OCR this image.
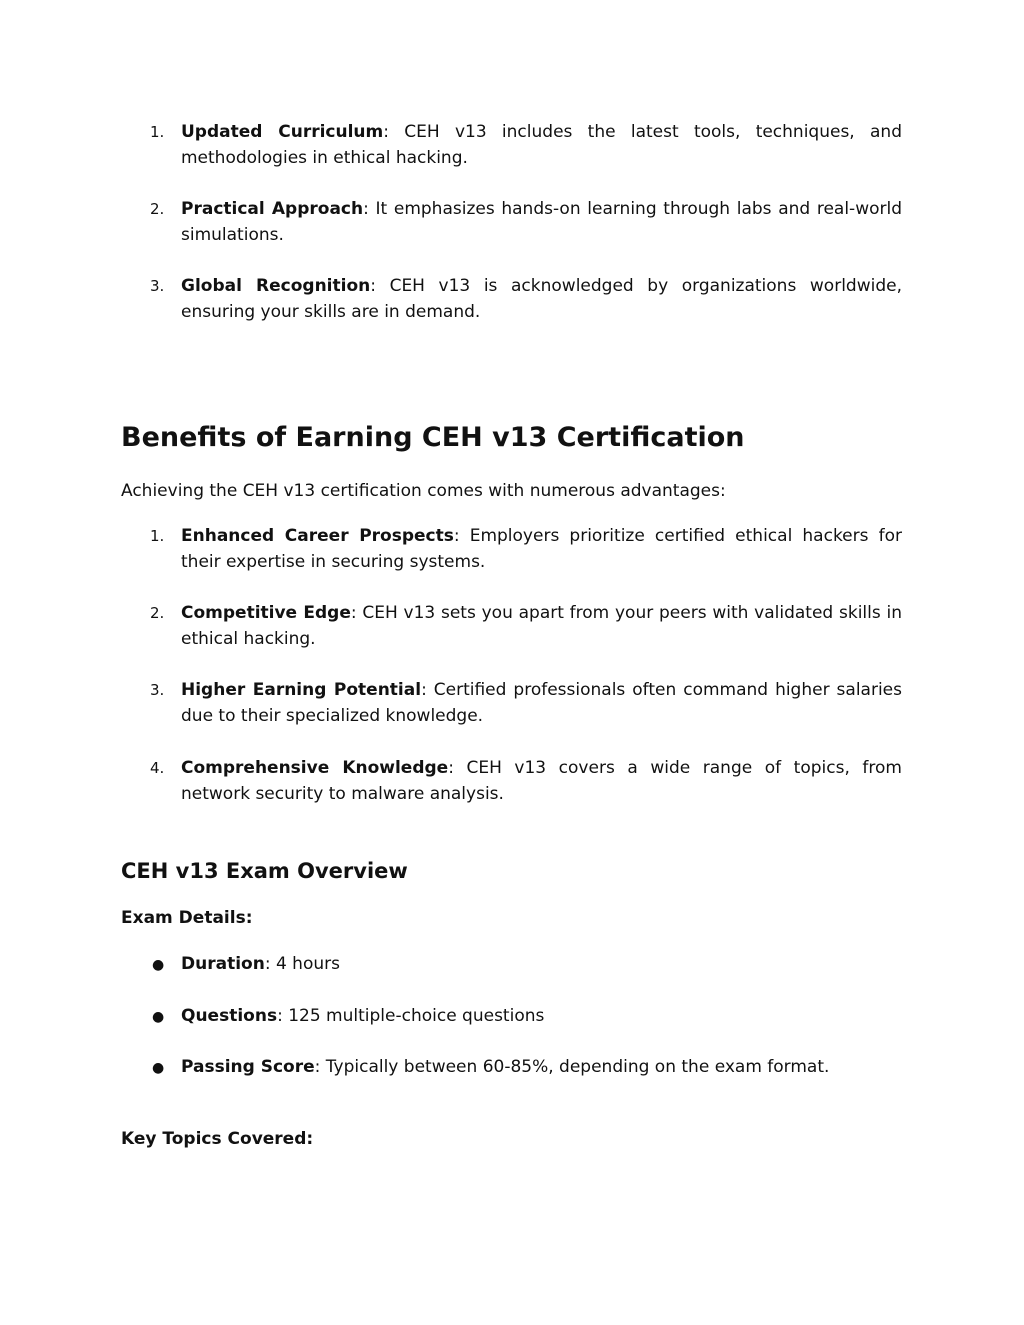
1. Updated Curriculum: CEH v13 includes the latest tools, techniques, and methodologies in ethical hacking.

2. Practical Approach: It emphasizes hands-on learning through labs and real-world simulations.

3. Global Recognition: CEH v13 is acknowledged by organizations worldwide, ensuring your skills are in demand.

Benefits of Earning CEH v13 Certification

Achieving the CEH v13 certification comes with numerous advantages:

1. Enhanced Career Prospects: Employers prioritize certified ethical hackers for their expertise in securing systems.

2. Competitive Edge: CEH v13 sets you apart from your peers with validated skills in ethical hacking.

3. Higher Earning Potential: Certified professionals often command higher salaries due to their specialized knowledge.

4. Comprehensive Knowledge: CEH v13 covers a wide range of topics, from network security to malware analysis.

CEH v13 Exam Overview
Exam Details:
● Duration: 4 hours

● Questions: 125 multiple-choice questions

● Passing Score: Typically between 60-85%, depending on the exam format.

Key Topics Covered:
